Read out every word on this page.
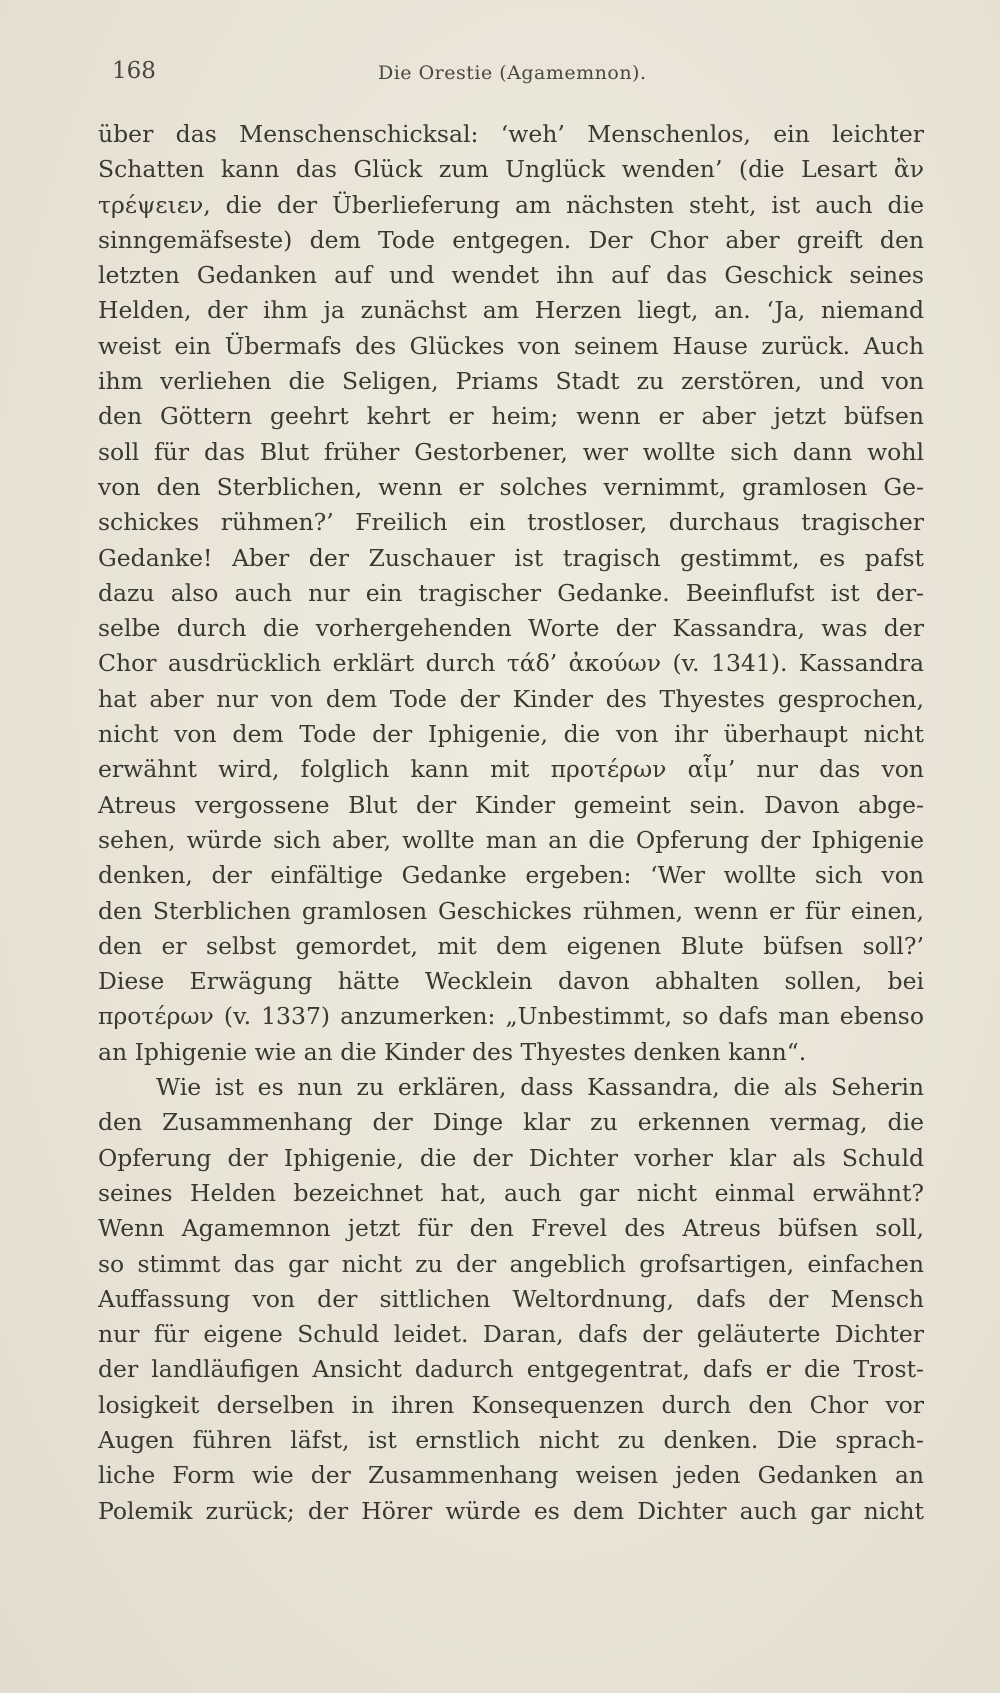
168	Die Orestie (Agamemnon).
über das Menschenschicksal: ‘weh’ Menschenlos, ein leichter
Schatten kann das Glück zum Unglück wenden’ (die Lesart ἂν
τρέψειεν, die der Überlieferung am nächsten steht, ist auch die
sinngemäfseste) dem Tode entgegen. Der Chor aber greift den
letzten Gedanken auf und wendet ihn auf das Geschick seines
Helden, der ihm ja zunächst am Herzen liegt, an. ‘Ja, niemand
weist ein Übermafs des Glückes von seinem Hause zurück. Auch
ihm verliehen die Seligen, Priams Stadt zu zerstören, und von
den Göttern geehrt kehrt er heim; wenn er aber jetzt büfsen
soll für das Blut früher Gestorbener, wer wollte sich dann wohl
von den Sterblichen, wenn er solches vernimmt, gramlosen Ge-
schickes rühmen?’ Freilich ein trostloser, durchaus tragischer
Gedanke! Aber der Zuschauer ist tragisch gestimmt, es pafst
dazu also auch nur ein tragischer Gedanke. Beeinflufst ist der-
selbe durch die vorhergehenden Worte der Kassandra, was der
Chor ausdrücklich erklärt durch τάδ’ ἀκούων (v. 1341). Kassandra
hat aber nur von dem Tode der Kinder des Thyestes gesprochen,
nicht von dem Tode der Iphigenie, die von ihr überhaupt nicht
erwähnt wird, folglich kann mit προτέρων αἷμ’ nur das von
Atreus vergossene Blut der Kinder gemeint sein. Davon abge-
sehen, würde sich aber, wollte man an die Opferung der Iphigenie
denken, der einfältige Gedanke ergeben: ‘Wer wollte sich von
den Sterblichen gramlosen Geschickes rühmen, wenn er für einen,
den er selbst gemordet, mit dem eigenen Blute büfsen soll?’
Diese Erwägung hätte Wecklein davon abhalten sollen, bei
προτέρων (v. 1337) anzumerken: „Unbestimmt, so dafs man ebenso
an Iphigenie wie an die Kinder des Thyestes denken kann“.
Wie ist es nun zu erklären, dass Kassandra, die als Seherin
den Zusammenhang der Dinge klar zu erkennen vermag, die
Opferung der Iphigenie, die der Dichter vorher klar als Schuld
seines Helden bezeichnet hat, auch gar nicht einmal erwähnt?
Wenn Agamemnon jetzt für den Frevel des Atreus büfsen soll,
so stimmt das gar nicht zu der angeblich grofsartigen, einfachen
Auffassung von der sittlichen Weltordnung, dafs der Mensch
nur für eigene Schuld leidet. Daran, dafs der geläuterte Dichter
der landläufigen Ansicht dadurch entgegentrat, dafs er die Trost-
losigkeit derselben in ihren Konsequenzen durch den Chor vor
Augen führen läfst, ist ernstlich nicht zu denken. Die sprach-
liche Form wie der Zusammenhang weisen jeden Gedanken an
Polemik zurück; der Hörer würde es dem Dichter auch gar nicht
